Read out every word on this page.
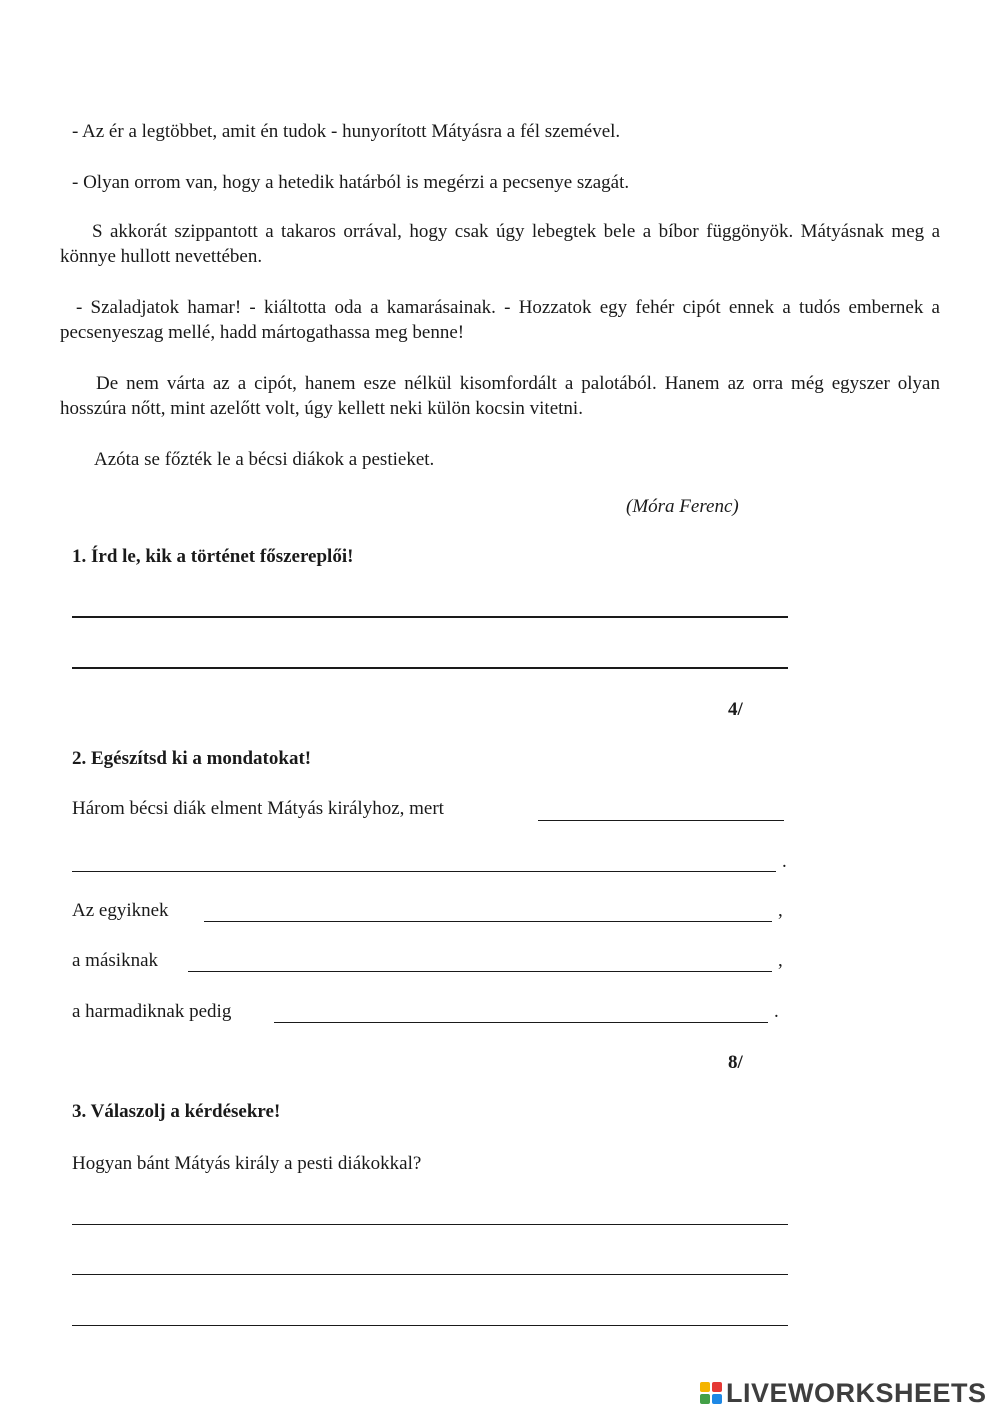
- Az ér a legtöbbet, amit én tudok - hunyorított Mátyásra a fél szemével.

- Olyan orrom van, hogy a hetedik határból is megérzi a pecsenye szagát.

S akkorát szippantott a takaros orrával, hogy csak úgy lebegtek bele a bíbor függönyök. Mátyásnak meg a könnye hullott nevettében.

- Szaladjatok hamar! - kiáltotta oda a kamarásainak. - Hozzatok egy fehér cipót ennek a tudós embernek a pecsenyeszag mellé, hadd mártogathassa meg benne!

De nem várta az a cipót, hanem esze nélkül kisomfordált a palotából. Hanem az orra még egyszer olyan hosszúra nőtt, mint azelőtt volt, úgy kellett neki külön kocsin vitetni.

Azóta se főzték le a bécsi diákok a pestieket.

(Móra Ferenc)
1. Írd le, kik a történet főszereplői!
4/
2. Egészítsd ki a mondatokat!
Három bécsi diák elment Mátyás királyhoz, mert
.
Az egyiknek	,
a másiknak	,
a harmadiknak pedig	.
8/
3. Válaszolj a kérdésekre!
Hogyan bánt Mátyás király a pesti diákokkal?
LIVEWORKSHEETS
